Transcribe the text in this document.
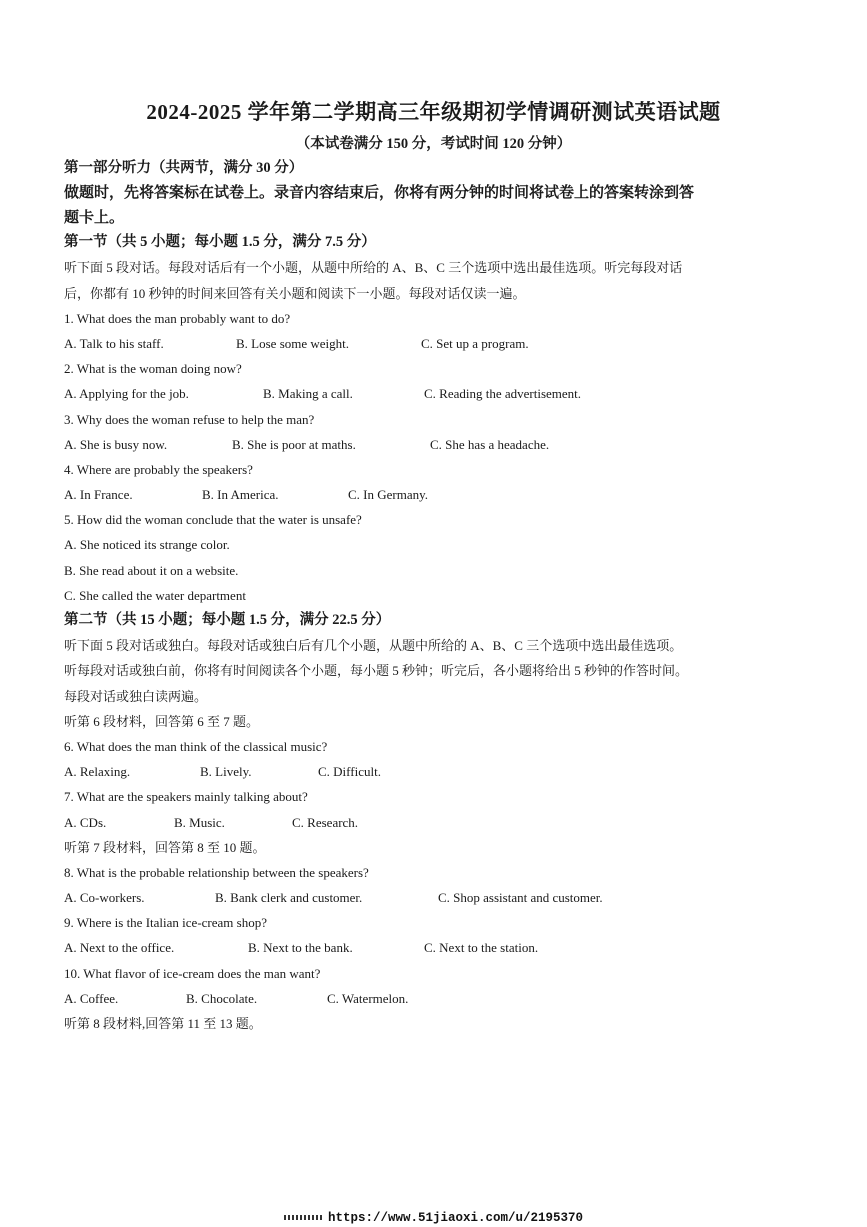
2024-2025 学年第二学期高三年级期初学情调研测试英语试题
（本试卷满分 150 分，考试时间 120 分钟）
第一部分听力（共两节，满分 30 分）
做题时，先将答案标在试卷上。录音内容结束后，你将有两分钟的时间将试卷上的答案转涂到答
题卡上。
第一节（共 5 小题；每小题 1.5 分，满分 7.5 分）
听下面 5 段对话。每段对话后有一个小题，从题中所给的 A、B、C 三个选项中选出最佳选项。听完每段对话
后，你都有 10 秒钟的时间来回答有关小题和阅读下一小题。每段对话仅读一遍。
1. What does the man probably want to do?
A. Talk to his staff.	B. Lose some weight.	C. Set up a program.
2. What is the woman doing now?
A. Applying for the job.	B. Making a call.	C. Reading the advertisement.
3. Why does the woman refuse to help the man?
A. She is busy now.	B. She is poor at maths.	C. She has a headache.
4. Where are probably the speakers?
A. In France.	B. In America.	C. In Germany.
5. How did the woman conclude that the water is unsafe?
A. She noticed its strange color.
B. She read about it on a website.
C. She called the water department
第二节（共 15 小题；每小题 1.5 分，满分 22.5 分）
听下面 5 段对话或独白。每段对话或独白后有几个小题，从题中所给的 A、B、C 三个选项中选出最佳选项。
听每段对话或独白前，你将有时间阅读各个小题，每小题 5 秒钟；听完后，各小题将给出 5 秒钟的作答时间。
每段对话或独白读两遍。
听第 6 段材料，回答第 6 至 7 题。
6. What does the man think of the classical music?
A. Relaxing.	B. Lively.	C. Difficult.
7. What are the speakers mainly talking about?
A. CDs.	B. Music.	C. Research.
听第 7 段材料，回答第 8 至 10 题。
8. What is the probable relationship between the speakers?
A. Co-workers.	B. Bank clerk and customer.	C. Shop assistant and customer.
9. Where is the Italian ice-cream shop?
A. Next to the office.	B. Next to the bank.	C. Next to the station.
10. What flavor of ice-cream does the man want?
A. Coffee.	B. Chocolate.	C. Watermelon.
听第 8 段材料,回答第 11 至 13 题。
https://www.51jiaoxi.com/u/2195370
